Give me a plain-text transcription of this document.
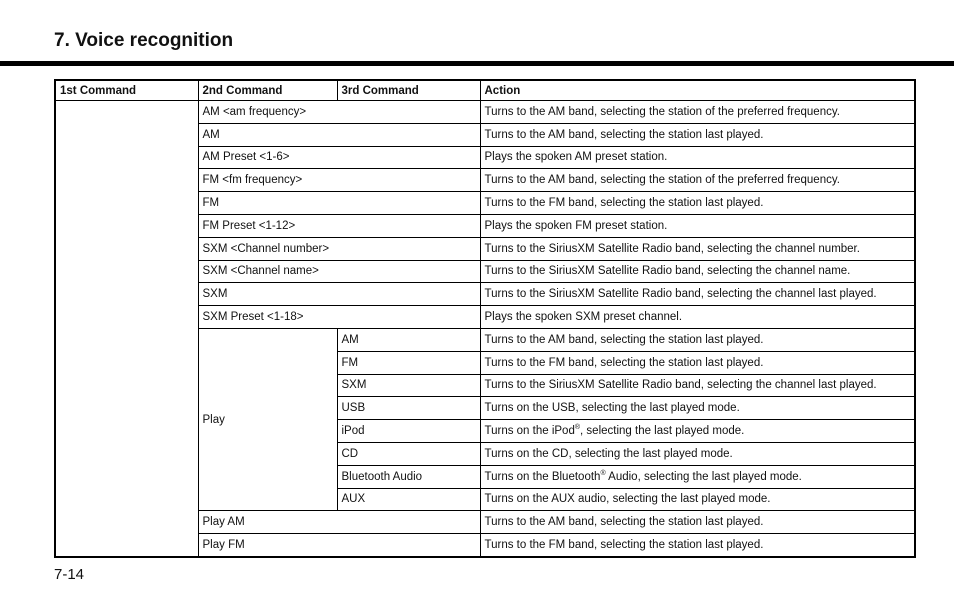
7. Voice recognition
1st Command	2nd Command	3rd Command	Action
	AM <am frequency>		Turns to the AM band, selecting the station of the preferred frequency.
	AM		Turns to the AM band, selecting the station last played.
	AM Preset <1-6>		Plays the spoken AM preset station.
	FM <fm frequency>		Turns to the AM band, selecting the station of the preferred frequency.
	FM		Turns to the FM band, selecting the station last played.
	FM Preset <1-12>		Plays the spoken FM preset station.
	SXM <Channel number>		Turns to the SiriusXM Satellite Radio band, selecting the channel number.
	SXM <Channel name>		Turns to the SiriusXM Satellite Radio band, selecting the channel name.
	SXM		Turns to the SiriusXM Satellite Radio band, selecting the channel last played.
	SXM Preset <1-18>		Plays the spoken SXM preset channel.
	Play	AM	Turns to the AM band, selecting the station last played.
		FM	Turns to the FM band, selecting the station last played.
		SXM	Turns to the SiriusXM Satellite Radio band, selecting the channel last played.
		USB	Turns on the USB, selecting the last played mode.
		iPod	Turns on the iPod®, selecting the last played mode.
		CD	Turns on the CD, selecting the last played mode.
		Bluetooth Audio	Turns on the Bluetooth® Audio, selecting the last played mode.
		AUX	Turns on the AUX audio, selecting the last played mode.
	Play AM		Turns to the AM band, selecting the station last played.
	Play FM		Turns to the FM band, selecting the station last played.
7-14
